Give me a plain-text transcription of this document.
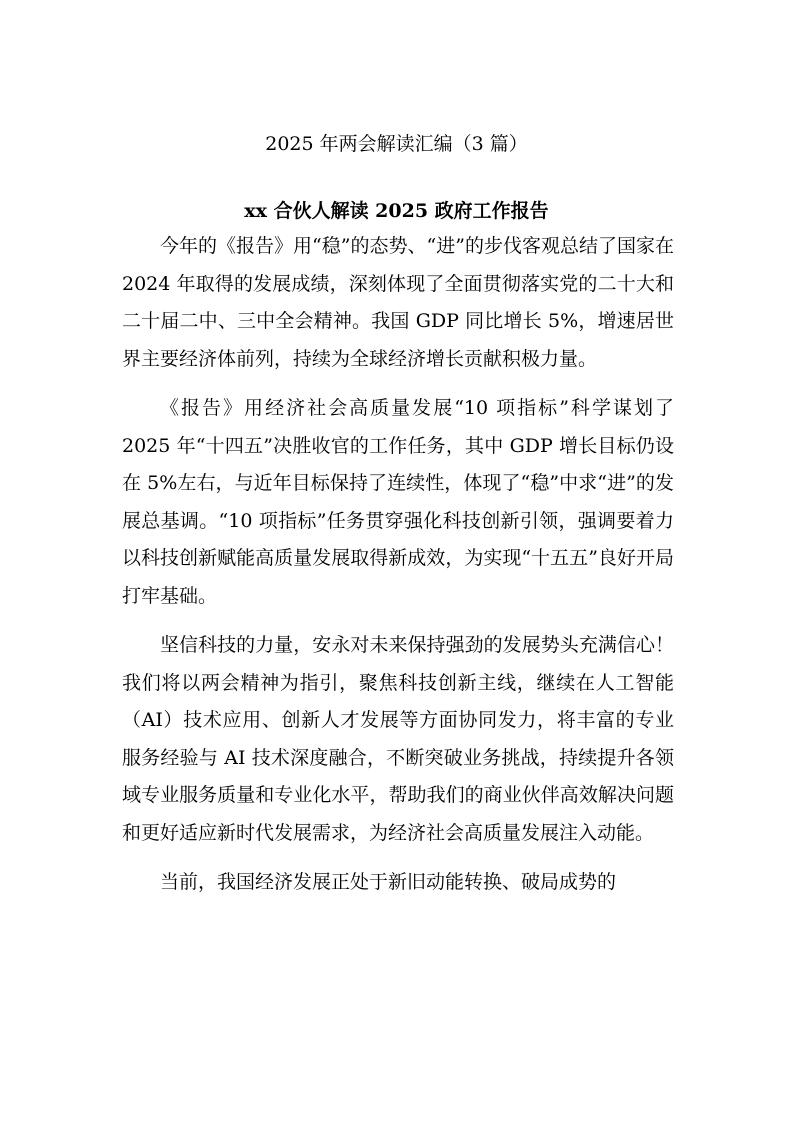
2025 年两会解读汇编（3 篇）
xx 合伙人解读 2025 政府工作报告

今年的《报告》用“稳”的态势、“进”的步伐客观总结了国家在 2024 年取得的发展成绩，深刻体现了全面贯彻落实党的二十大和二十届二中、三中全会精神。我国 GDP 同比增长 5%，增速居世界主要经济体前列，持续为全球经济增长贡献积极力量。

《报告》用经济社会高质量发展“10 项指标”科学谋划了 2025 年“十四五”决胜收官的工作任务，其中 GDP 增长目标仍设在 5%左右，与近年目标保持了连续性，体现了“稳”中求“进”的发展总基调。“10 项指标”任务贯穿强化科技创新引领，强调要着力以科技创新赋能高质量发展取得新成效，为实现“十五五”良好开局打牢基础。

坚信科技的力量，安永对未来保持强劲的发展势头充满信心！我们将以两会精神为指引，聚焦科技创新主线，继续在人工智能（AI）技术应用、创新人才发展等方面协同发力，将丰富的专业服务经验与 AI 技术深度融合，不断突破业务挑战，持续提升各领域专业服务质量和专业化水平，帮助我们的商业伙伴高效解决问题和更好适应新时代发展需求，为经济社会高质量发展注入动能。

当前，我国经济发展正处于新旧动能转换、破局成势的
